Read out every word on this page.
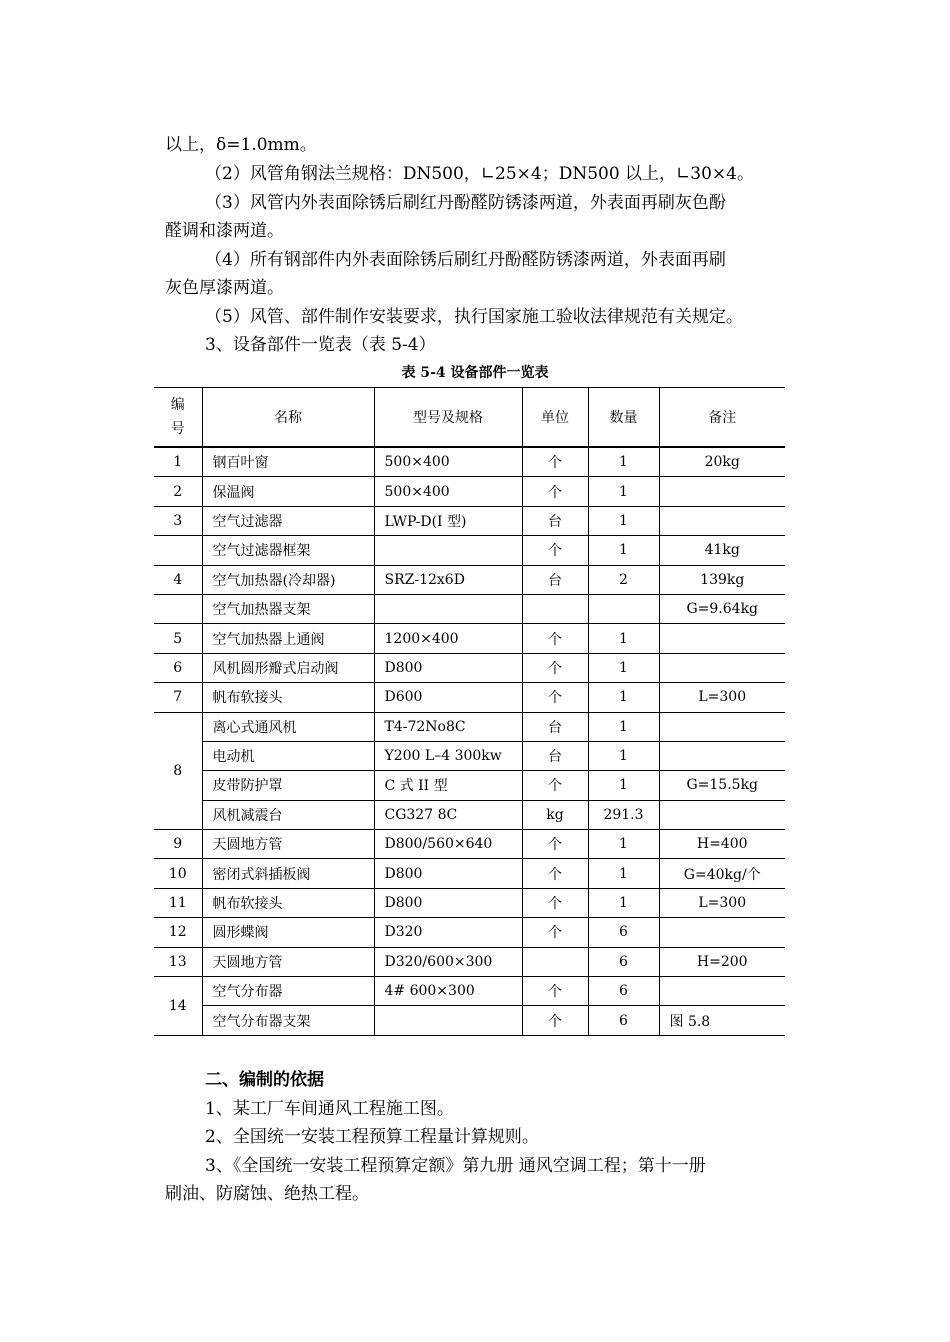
以上，δ=1.0mm。
（2）风管角钢法兰规格：DN500，∟25×4；DN500 以上，∟30×4。
（3）风管内外表面除锈后刷红丹酚醛防锈漆两道，外表面再刷灰色酚
醛调和漆两道。
（4）所有钢部件内外表面除锈后刷红丹酚醛防锈漆两道，外表面再刷
灰色厚漆两道。
（5）风管、部件制作安装要求，执行国家施工验收法律规范有关规定。
3、设备部件一览表（表 5-4）
表 5-4 设备部件一览表
编
号	名称	型号及规格	单位	数量	备注
1	钢百叶窗	500×400	个	1	20kg
2	保温阀	500×400	个	1	
3	空气过滤器	LWP-D(I 型)	台	1	
	空气过滤器框架		个	1	41kg
4	空气加热器(冷却器)	SRZ-12x6D	台	2	139kg
	空气加热器支架				G=9.64kg
5	空气加热器上通阀	1200×400	个	1	
6	风机圆形瓣式启动阀	D800	个	1	
7	帆布软接头	D600	个	1	L=300
8	离心式通风机	T4-72No8C	台	1	
	电动机	Y200 L–4 300kw	台	1	
	皮带防护罩	C 式 II 型	个	1	G=15.5kg
	风机减震台	CG327 8C	kg	291.3	
9	天圆地方管	D800/560×640	个	1	H=400
10	密闭式斜插板阀	D800	个	1	G=40kg/个
11	帆布软接头	D800	个	1	L=300
12	圆形蝶阀	D320	个	6	
13	天圆地方管	D320/600×300		6	H=200
14	空气分布器	4# 600×300	个	6	
	空气分布器支架		个	6	图 5.8
二、编制的依据
1、某工厂车间通风工程施工图。
2、全国统一安装工程预算工程量计算规则。
3、《全国统一安装工程预算定额》第九册 通风空调工程；第十一册
刷油、防腐蚀、绝热工程。
